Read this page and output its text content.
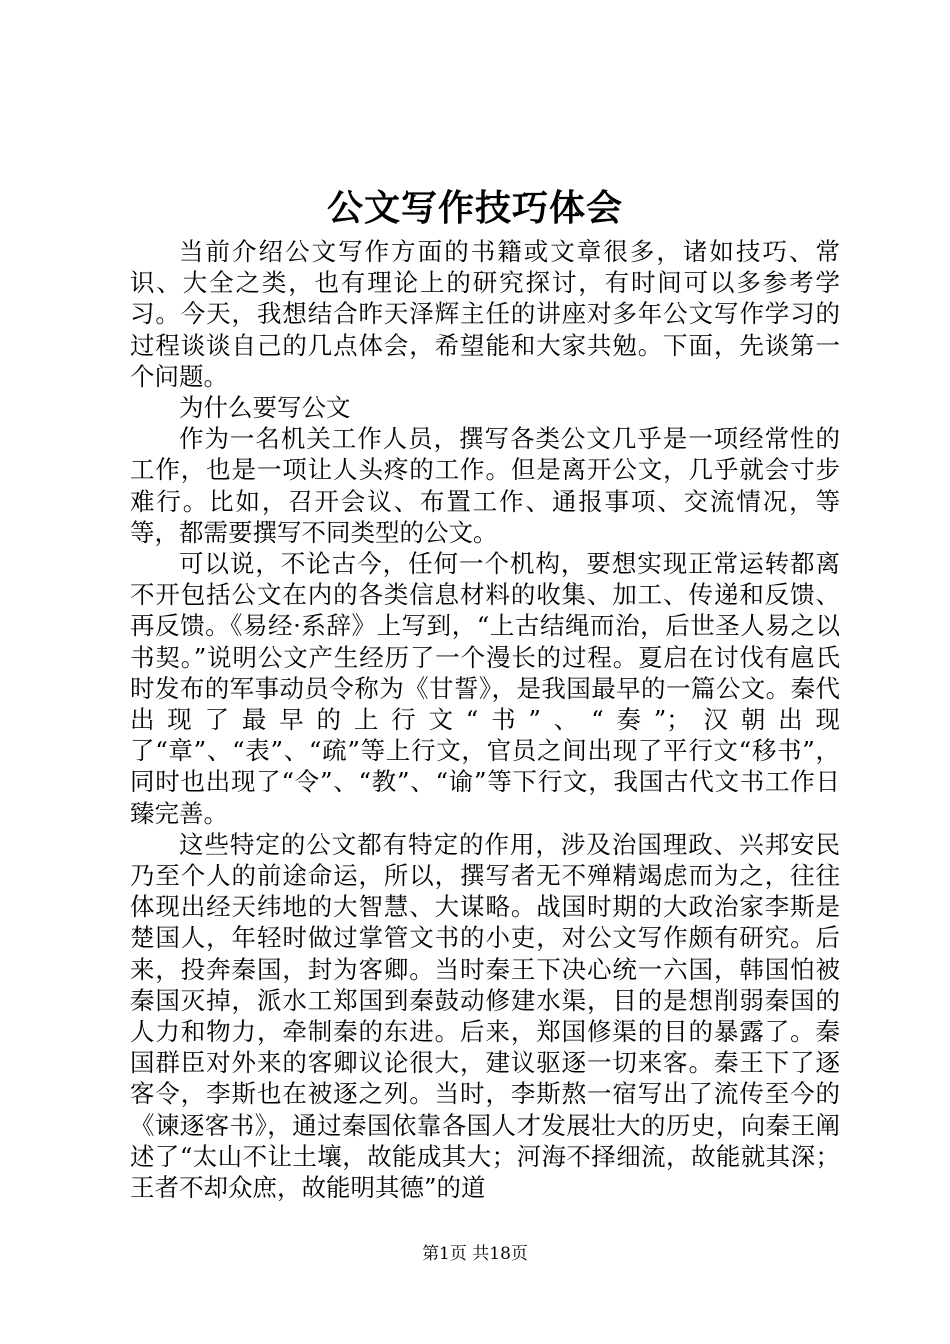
公文写作技巧体会

当前介绍公文写作方面的书籍或文章很多，诸如技巧、常识、大全之类，也有理论上的研究探讨，有时间可以多参考学习。今天，我想结合昨天泽辉主任的讲座对多年公文写作学习的过程谈谈自己的几点体会，希望能和大家共勉。下面，先谈第一个问题。

为什么要写公文

作为一名机关工作人员，撰写各类公文几乎是一项经常性的工作，也是一项让人头疼的工作。但是离开公文，几乎就会寸步难行。比如，召开会议、布置工作、通报事项、交流情况，等等，都需要撰写不同类型的公文。

可以说，不论古今，任何一个机构，要想实现正常运转都离不开包括公文在内的各类信息材料的收集、加工、传递和反馈、再反馈。《易经·系辞》上写到，“上古结绳而治，后世圣人易之以书契。”说明公文产生经历了一个漫长的过程。夏启在讨伐有扈氏时发布的军事动员令称为《甘誓》，是我国最早的一篇公文。秦代出现了最早的上行文“书”、“奏”；汉朝出现了“章”、“表”、“疏”等上行文，官员之间出现了平行文“移书”，同时也出现了“令”、“教”、“谕”等下行文，我国古代文书工作日臻完善。

这些特定的公文都有特定的作用，涉及治国理政、兴邦安民乃至个人的前途命运，所以，撰写者无不殚精竭虑而为之，往往体现出经天纬地的大智慧、大谋略。战国时期的大政治家李斯是楚国人，年轻时做过掌管文书的小吏，对公文写作颇有研究。后来，投奔秦国，封为客卿。当时秦王下决心统一六国，韩国怕被秦国灭掉，派水工郑国到秦鼓动修建水渠，目的是想削弱秦国的人力和物力，牵制秦的东进。后来，郑国修渠的目的暴露了。秦国群臣对外来的客卿议论很大，建议驱逐一切来客。秦王下了逐客令，李斯也在被逐之列。当时，李斯熬一宿写出了流传至今的《谏逐客书》，通过秦国依靠各国人才发展壮大的历史，向秦王阐述了“太山不让土壤，故能成其大；河海不择细流，故能就其深；王者不却众庶，故能明其德”的道

第1页 共18页
